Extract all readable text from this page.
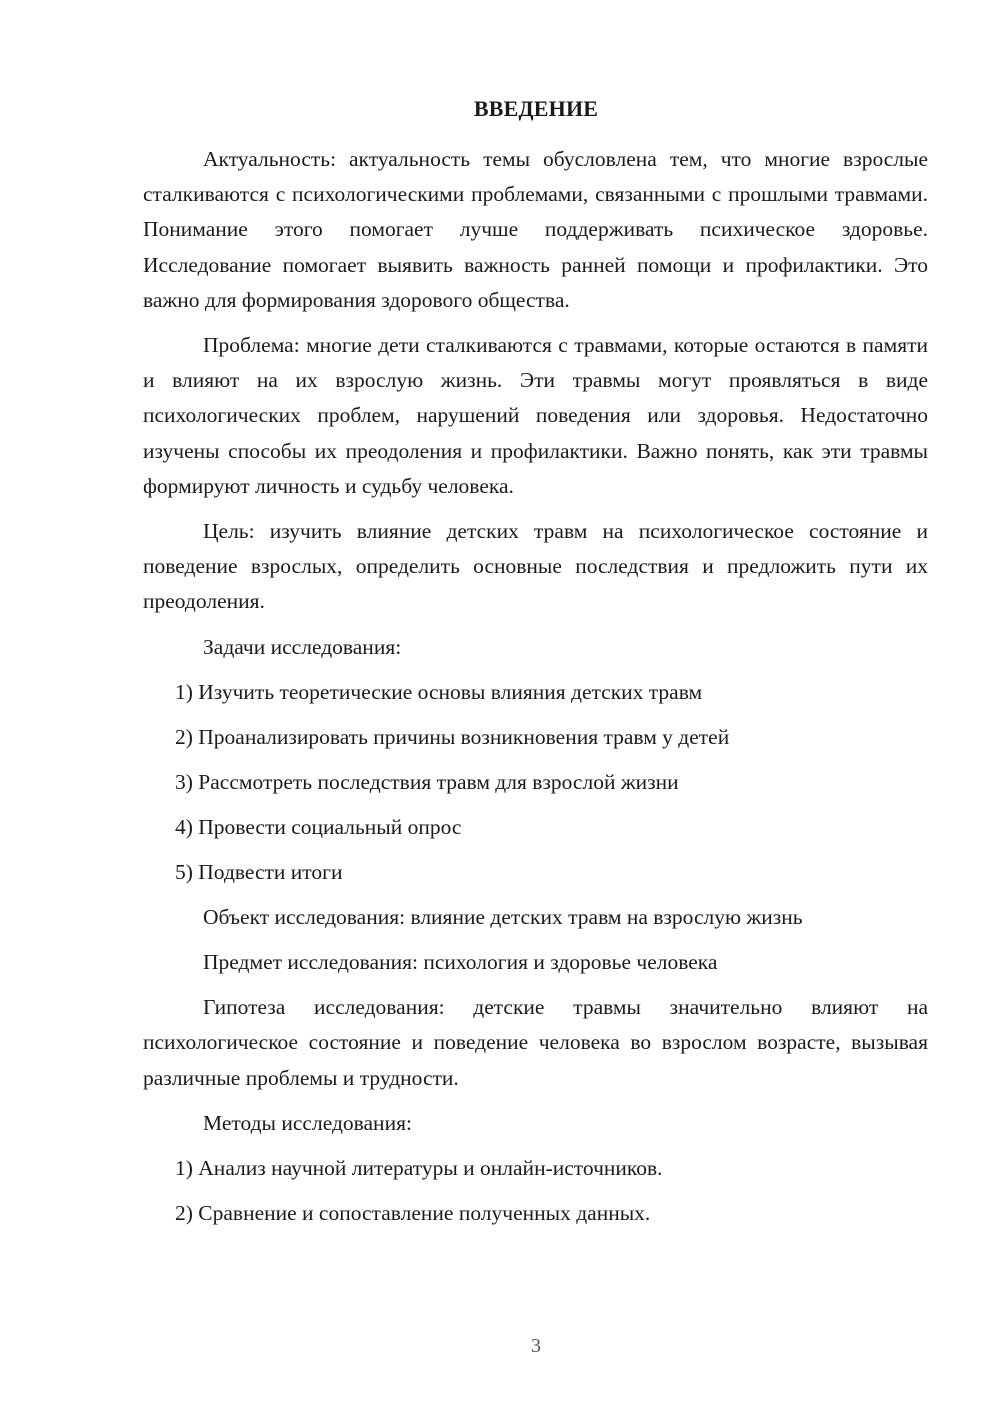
ВВЕДЕНИЕ

Актуальность: актуальность темы обусловлена тем, что многие взрослые сталкиваются с психологическими проблемами, связанными с прошлыми травмами. Понимание этого помогает лучше поддерживать психическое здоровье. Исследование помогает выявить важность ранней помощи и профилактики. Это важно для формирования здорового общества.

Проблема: многие дети сталкиваются с травмами, которые остаются в памяти и влияют на их взрослую жизнь. Эти травмы могут проявляться в виде психологических проблем, нарушений поведения или здоровья. Недостаточно изучены способы их преодоления и профилактики. Важно понять, как эти травмы формируют личность и судьбу человека.

Цель: изучить влияние детских травм на психологическое состояние и поведение взрослых, определить основные последствия и предложить пути их преодоления.

Задачи исследования:

1) Изучить теоретические основы влияния детских травм

2) Проанализировать причины возникновения травм у детей

3) Рассмотреть последствия травм для взрослой жизни

4) Провести социальный опрос

5) Подвести итоги

Объект исследования: влияние детских травм на взрослую жизнь

Предмет исследования: психология и здоровье человека

Гипотеза исследования: детские травмы значительно влияют на психологическое состояние и поведение человека во взрослом возрасте, вызывая различные проблемы и трудности.

Методы исследования:

1) Анализ научной литературы и онлайн-источников.

2) Сравнение и сопоставление полученных данных.

3
